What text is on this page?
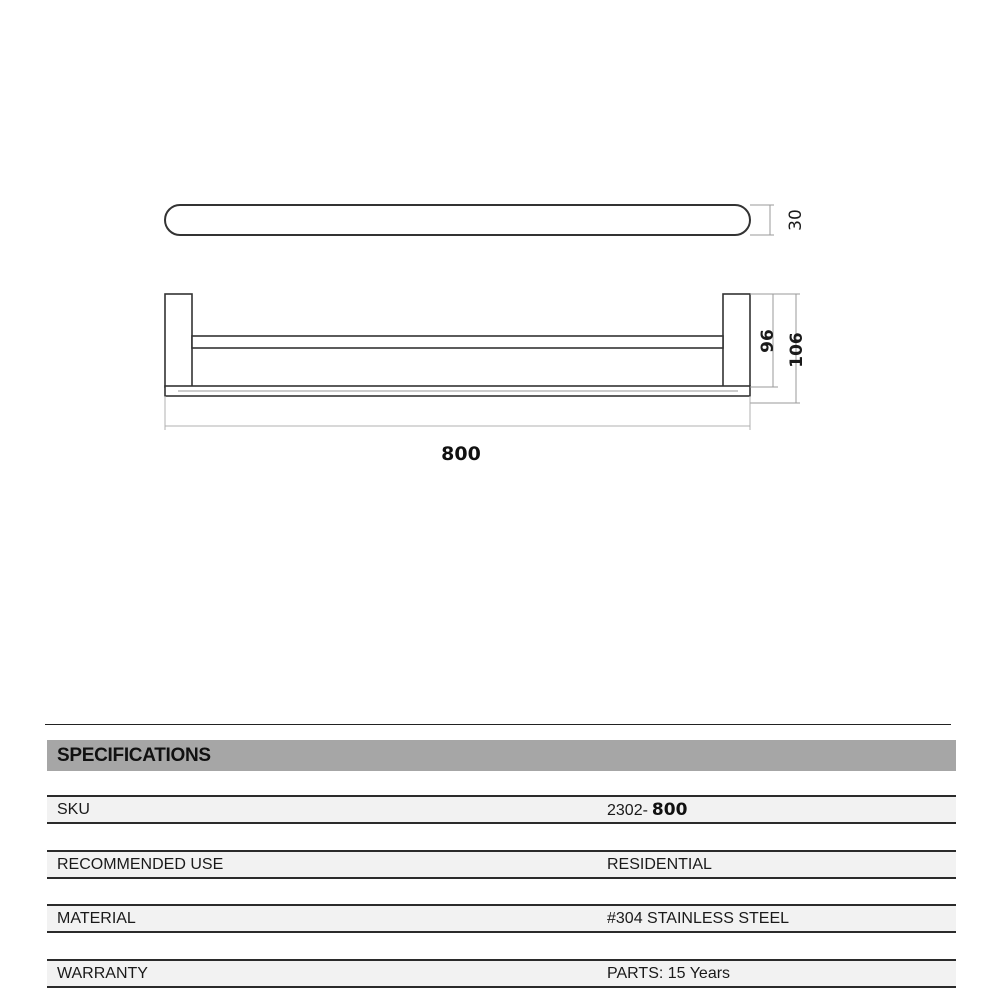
30
96 106
800
SPECIFICATIONS
SKU	2302- 800
RECOMMENDED USE	RESIDENTIAL
MATERIAL	#304 STAINLESS STEEL
WARRANTY	PARTS: 15 Years
